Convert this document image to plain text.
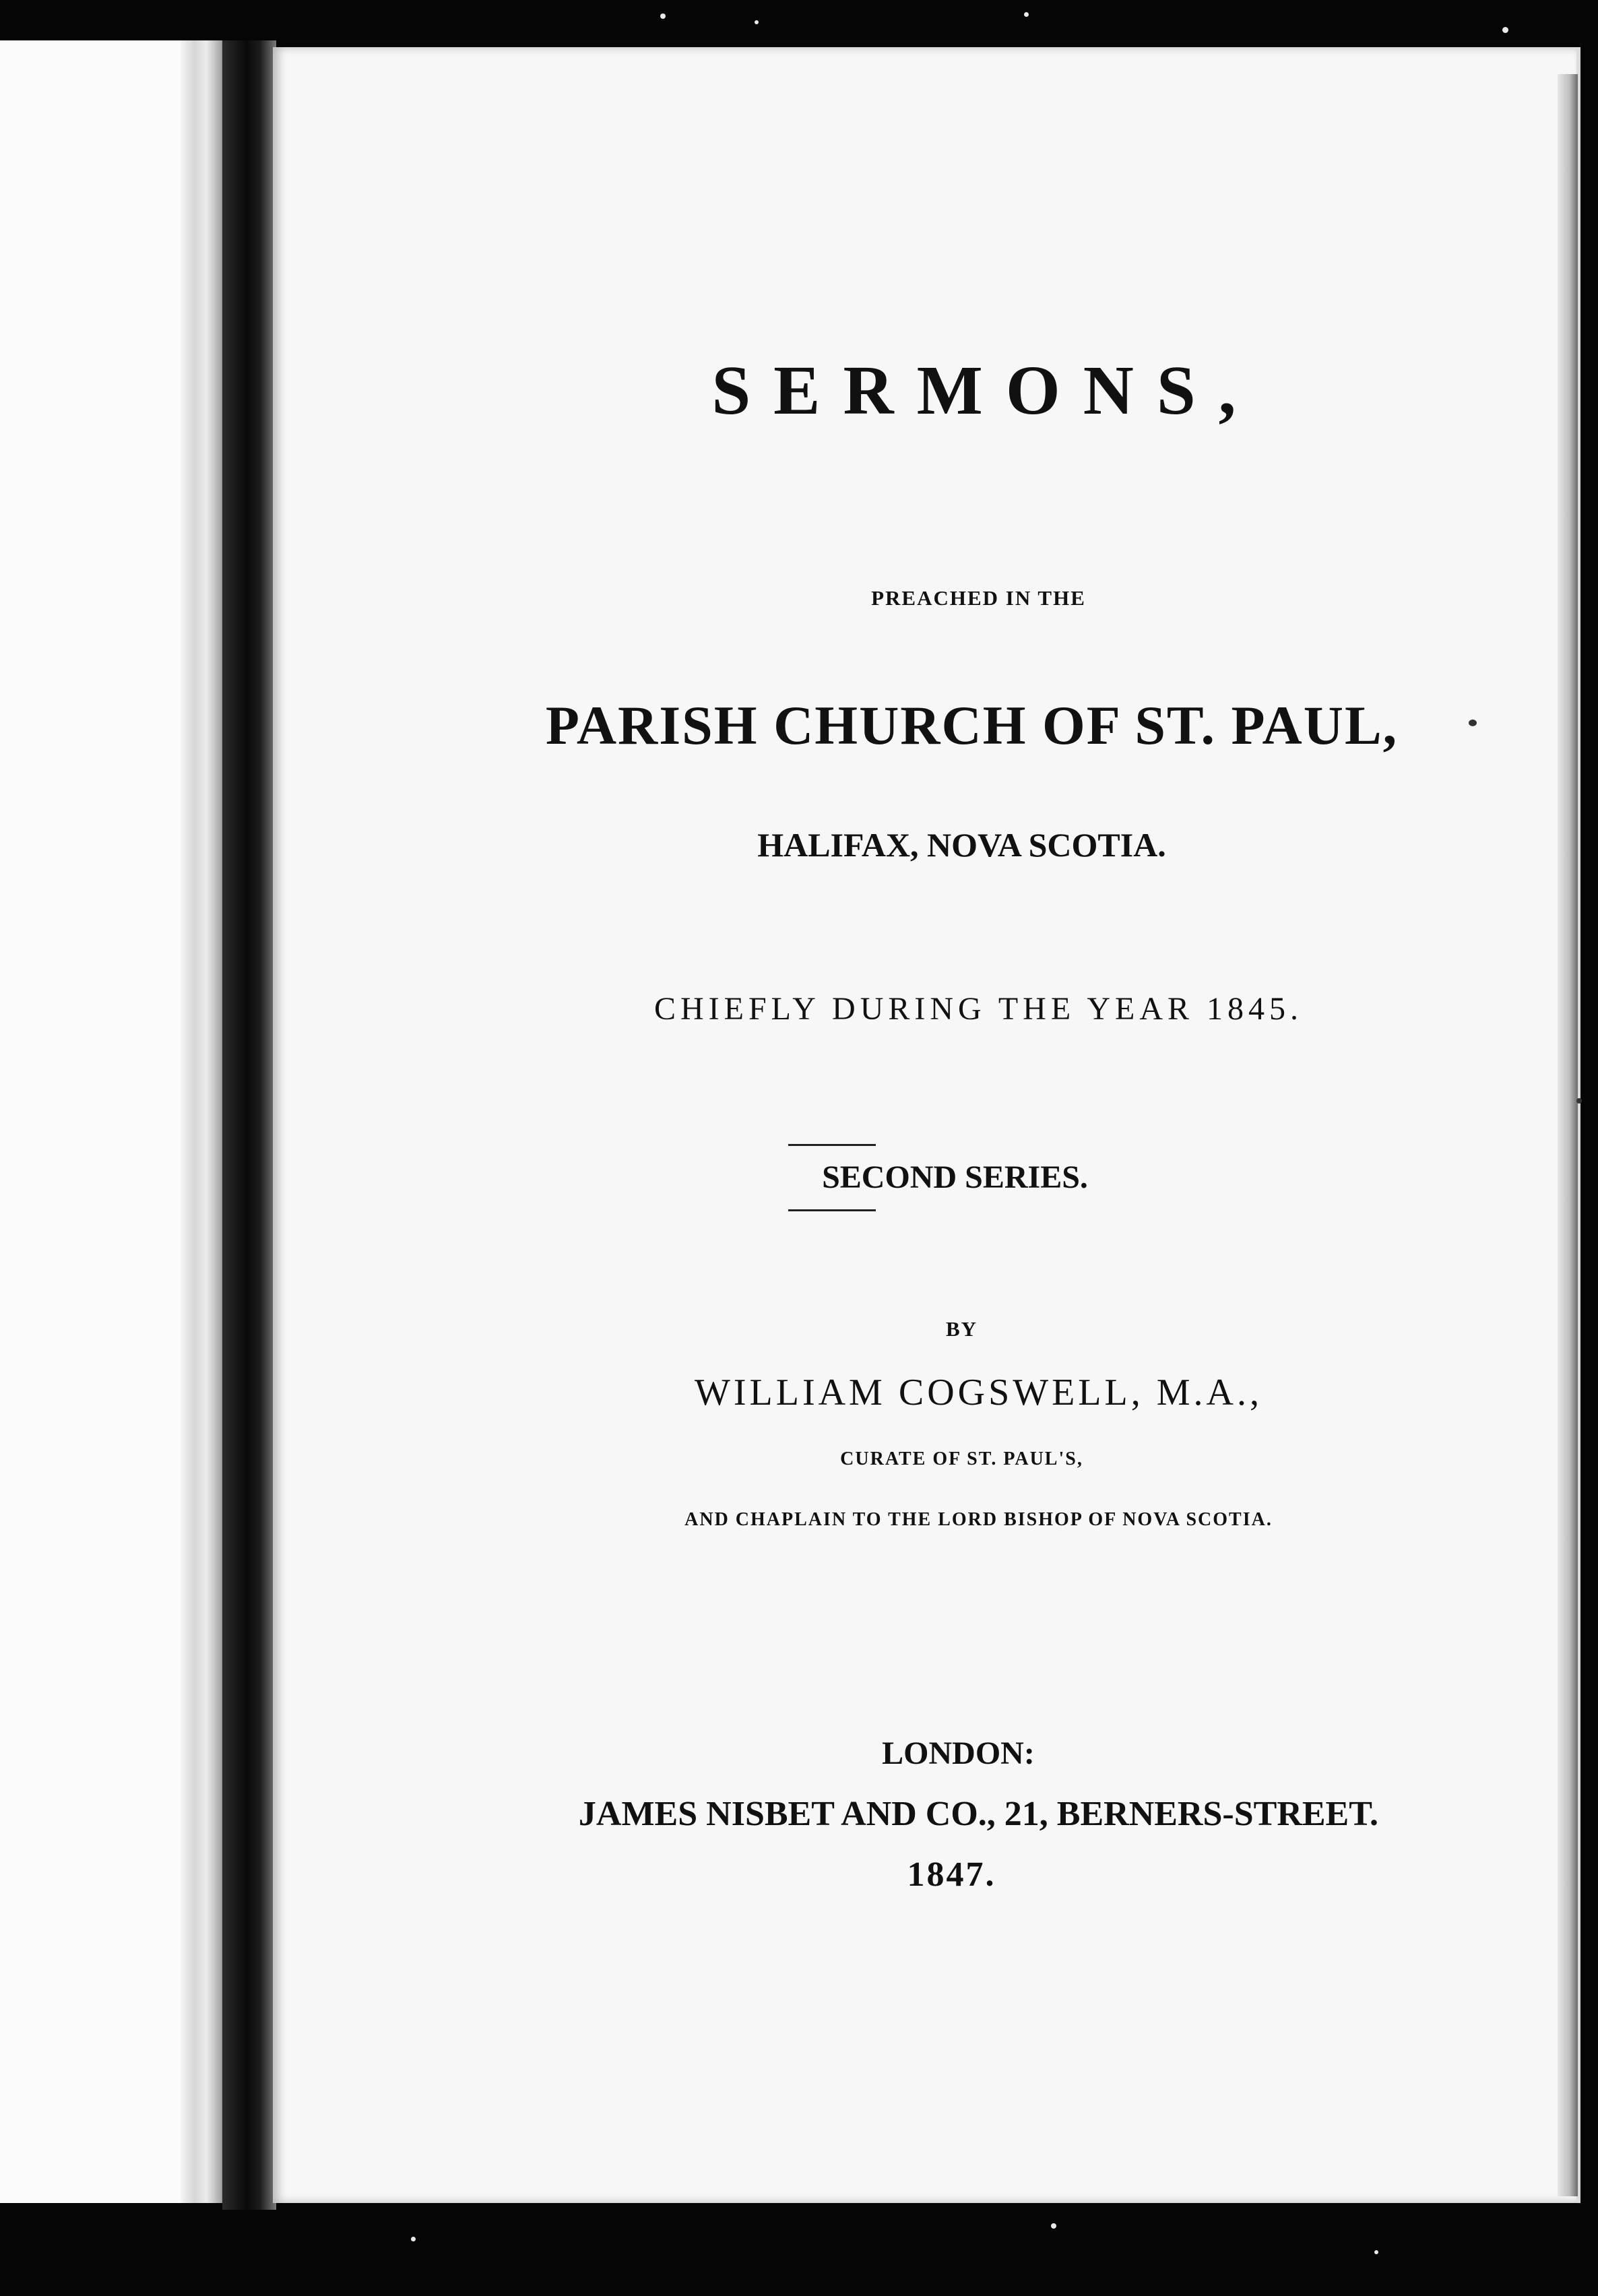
SERMONS,
PREACHED IN THE
PARISH CHURCH OF ST. PAUL,
HALIFAX, NOVA SCOTIA.
CHIEFLY DURING THE YEAR 1845.
SECOND SERIES.
BY
WILLIAM COGSWELL, M.A.,
CURATE OF ST. PAUL'S,
AND CHAPLAIN TO THE LORD BISHOP OF NOVA SCOTIA.
LONDON:
JAMES NISBET AND CO., 21, BERNERS-STREET.
1847.
